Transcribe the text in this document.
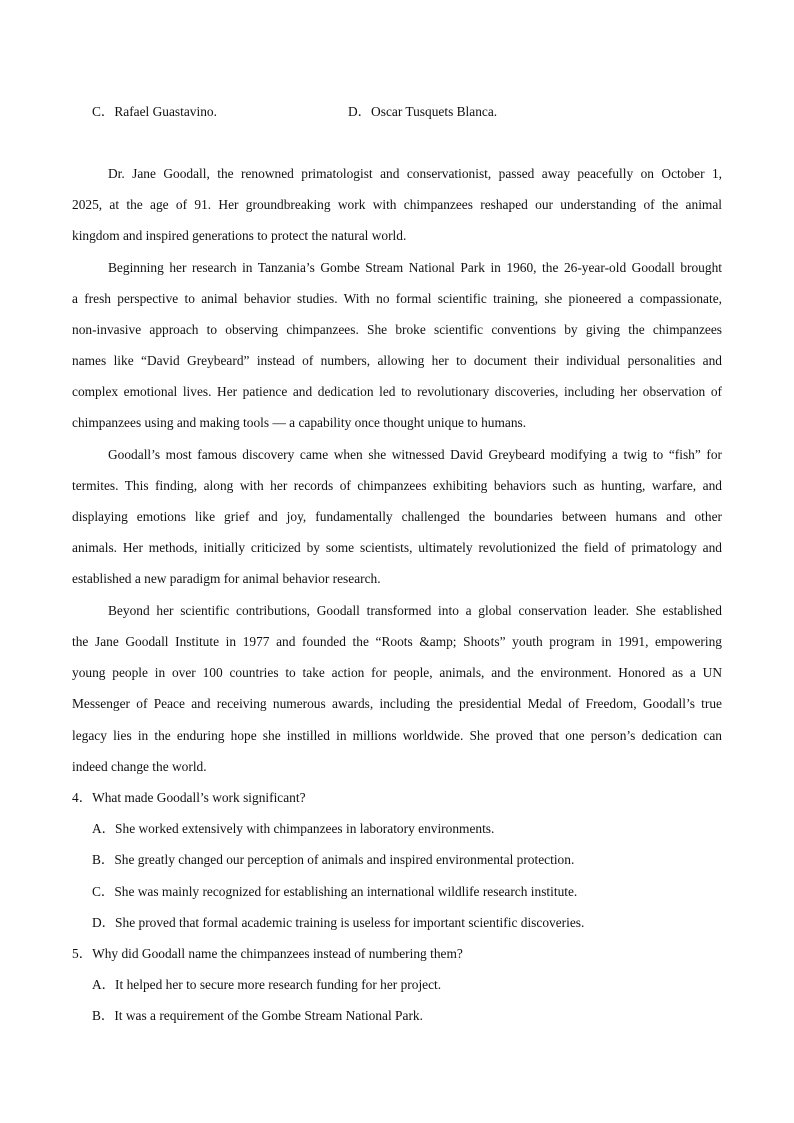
C．Rafael Guastavino.	D．Oscar Tusquets Blanca.
Dr. Jane Goodall, the renowned primatologist and conservationist, passed away peacefully on October 1,
2025, at the age of 91. Her groundbreaking work with chimpanzees reshaped our understanding of the animal
kingdom and inspired generations to protect the natural world.
Beginning her research in Tanzania’s Gombe Stream National Park in 1960, the 26-year-old Goodall brought
a fresh perspective to animal behavior studies. With no formal scientific training, she pioneered a compassionate,
non-invasive approach to observing chimpanzees. She broke scientific conventions by giving the chimpanzees
names like “David Greybeard” instead of numbers, allowing her to document their individual personalities and
complex emotional lives. Her patience and dedication led to revolutionary discoveries, including her observation of
chimpanzees using and making tools — a capability once thought unique to humans.
Goodall’s most famous discovery came when she witnessed David Greybeard modifying a twig to “fish” for
termites. This finding, along with her records of chimpanzees exhibiting behaviors such as hunting, warfare, and
displaying emotions like grief and joy, fundamentally challenged the boundaries between humans and other
animals. Her methods, initially criticized by some scientists, ultimately revolutionized the field of primatology and
established a new paradigm for animal behavior research.
Beyond her scientific contributions, Goodall transformed into a global conservation leader. She established
the Jane Goodall Institute in 1977 and founded the “Roots &amp; Shoots” youth program in 1991, empowering
young people in over 100 countries to take action for people, animals, and the environment. Honored as a UN
Messenger of Peace and receiving numerous awards, including the presidential Medal of Freedom, Goodall’s true
legacy lies in the enduring hope she instilled in millions worldwide. She proved that one person’s dedication can
indeed change the world.
4．What made Goodall’s work significant?
A．She worked extensively with chimpanzees in laboratory environments.
B．She greatly changed our perception of animals and inspired environmental protection.
C．She was mainly recognized for establishing an international wildlife research institute.
D．She proved that formal academic training is useless for important scientific discoveries.
5．Why did Goodall name the chimpanzees instead of numbering them?
A．It helped her to secure more research funding for her project.
B．It was a requirement of the Gombe Stream National Park.
